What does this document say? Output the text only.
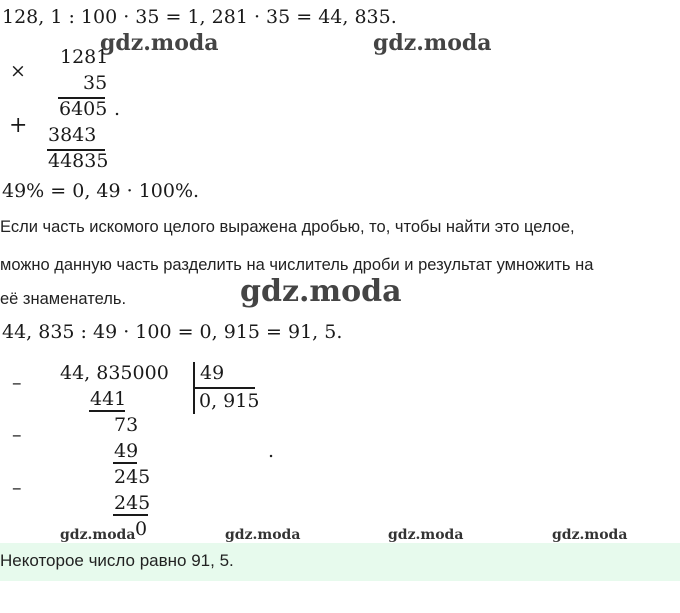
128, 1 : 100 · 35 = 1, 281 · 35 = 44, 835.
gdz.moda	gdz.moda
×
+
1281
35
6405 .
3843
44835
49% = 0, 49 · 100%.
Если часть искомого целого выражена дробью, то, чтобы найти это целое,
можно данную часть разделить на числитель дроби и результат умножить на
её знаменатель.	gdz.moda
44, 835 : 49 · 100 = 0, 915 = 91, 5.
–
–
–
44, 835000 49
0, 915
441
73
49
245
245
0
.
gdz.moda	gdz.moda	gdz.moda	gdz.moda
Некоторое число равно 91, 5.
